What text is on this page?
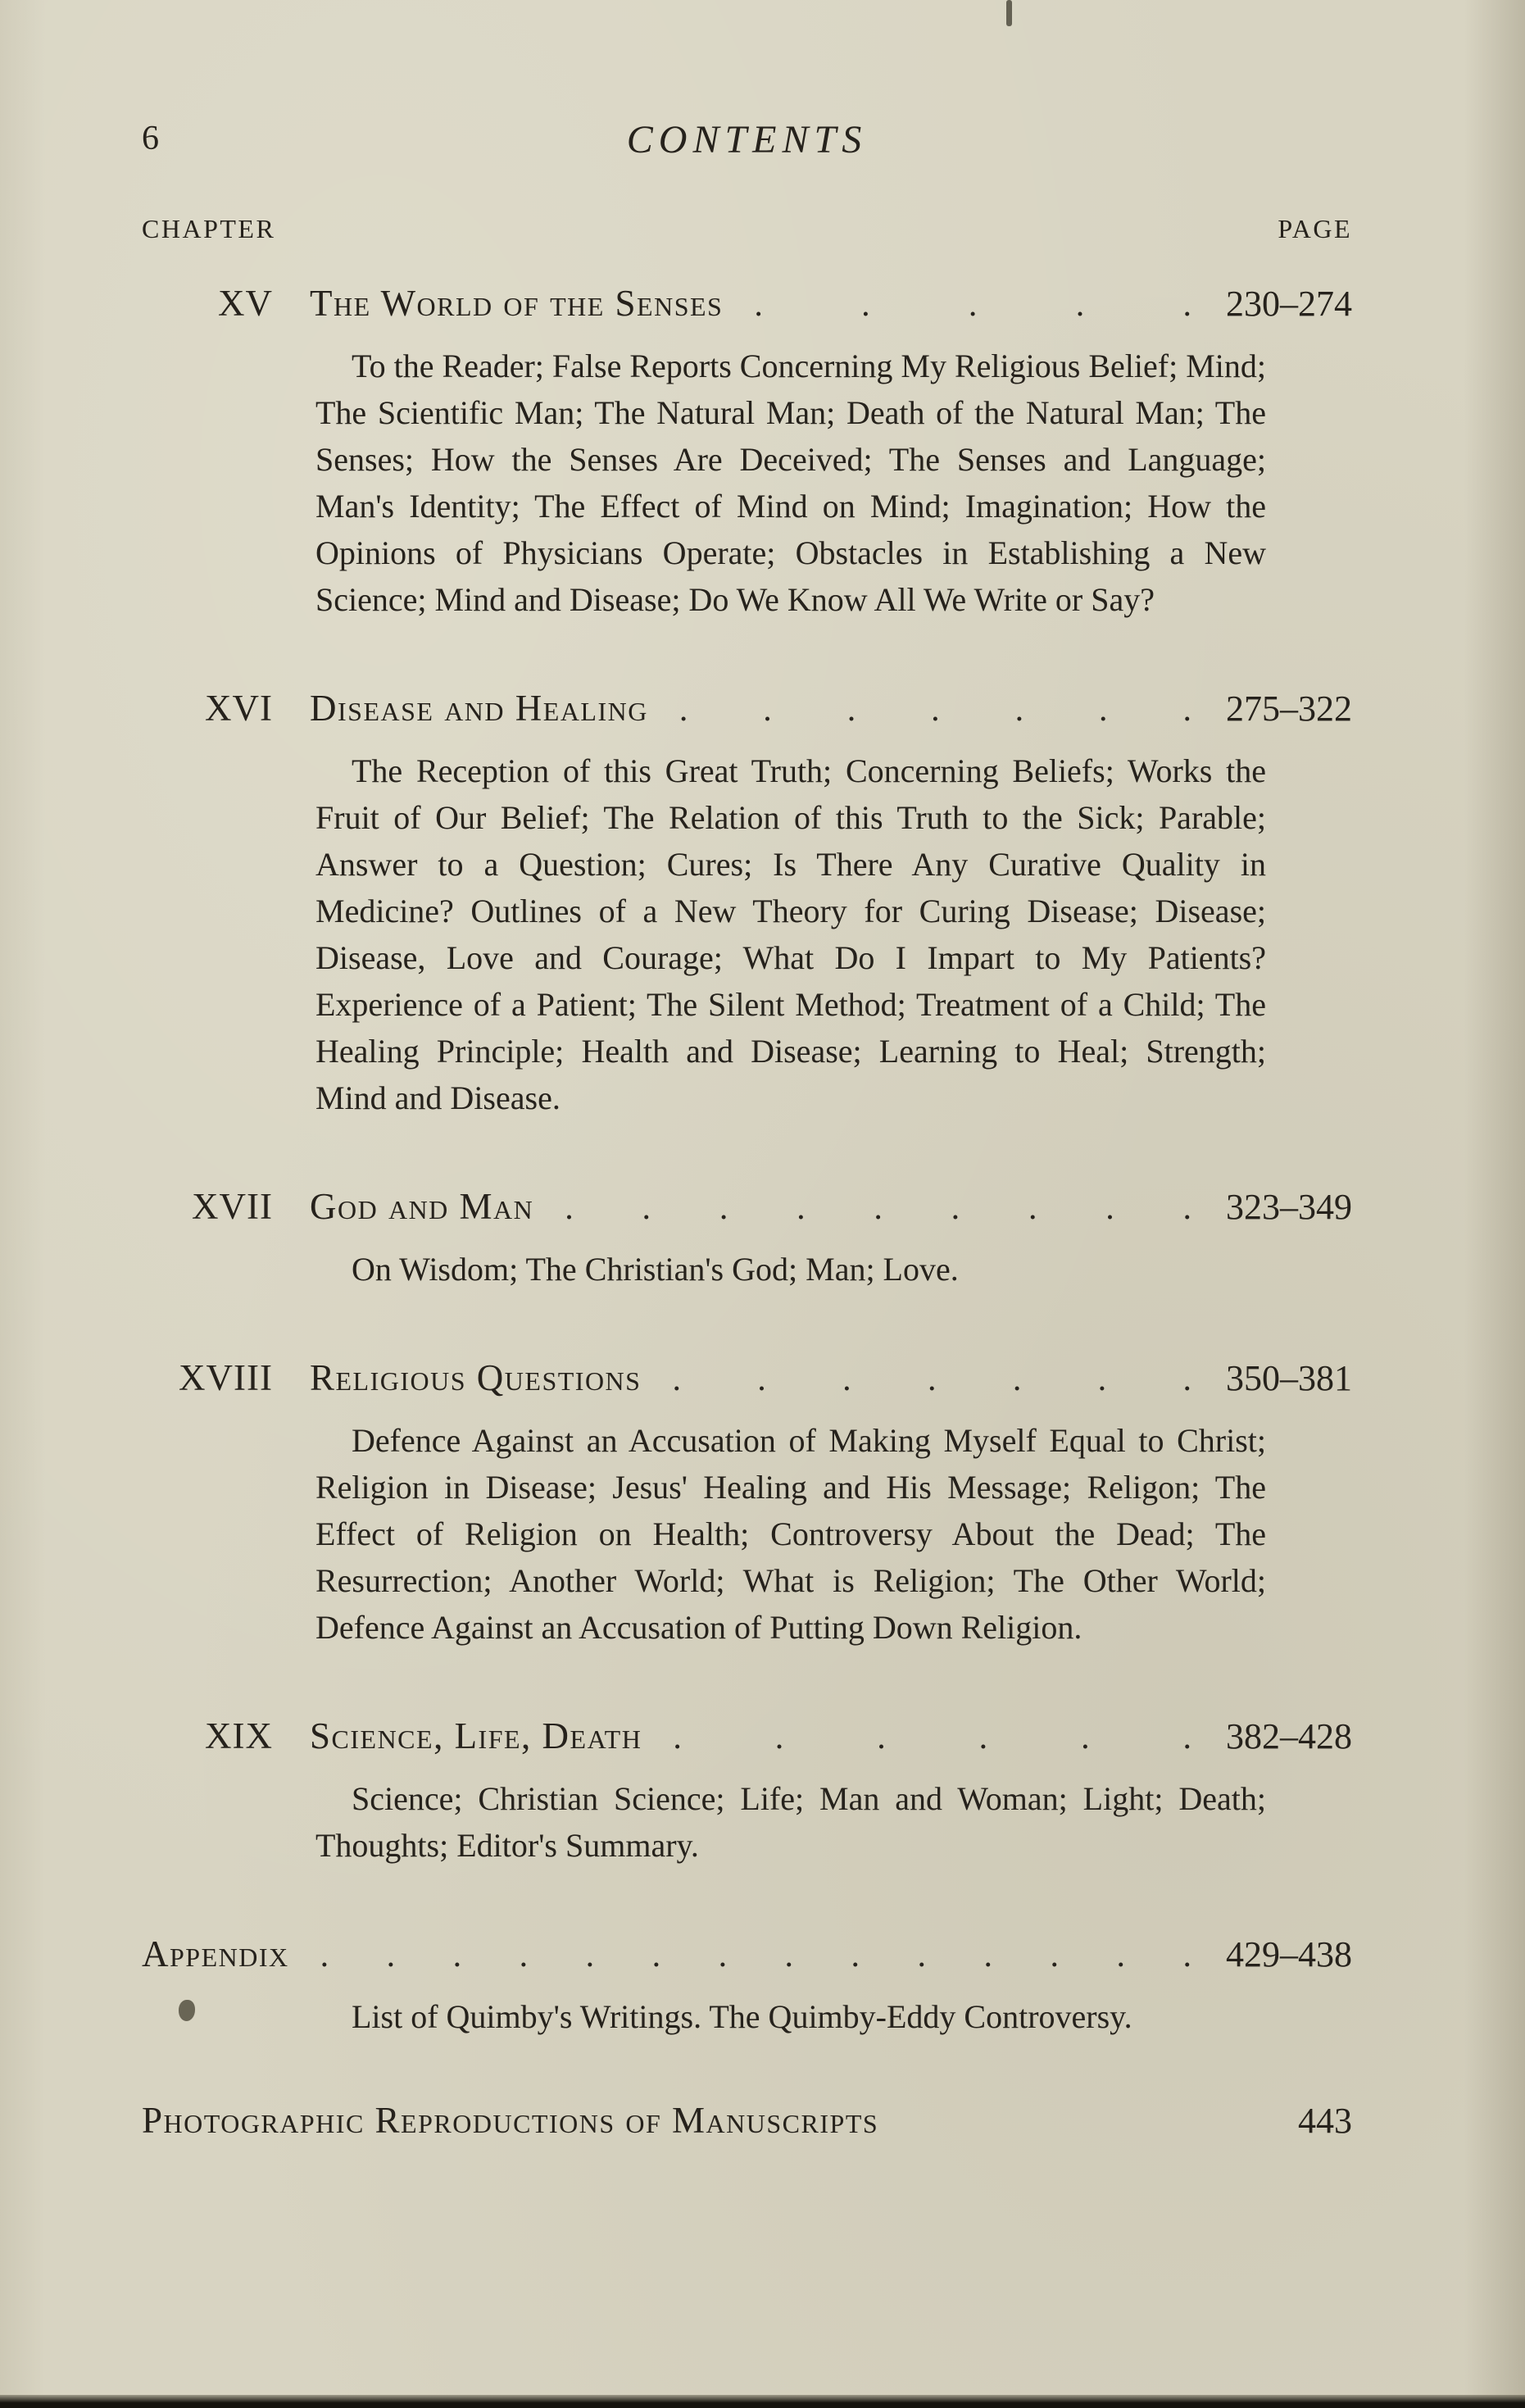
6	CONTENTS
CHAPTER	PAGE
XV The World of the Senses . . . . . 230–274

To the Reader; False Reports Concerning My Religious Belief; Mind; The Scientific Man; The Natural Man; Death of the Natural Man; The Senses; How the Senses Are Deceived; The Senses and Language; Man's Identity; The Effect of Mind on Mind; Imagination; How the Opinions of Physicians Operate; Obstacles in Establishing a New Science; Mind and Disease; Do We Know All We Write or Say?

XVI Disease and Healing . . . . . . . 275–322

The Reception of this Great Truth; Concerning Beliefs; Works the Fruit of Our Belief; The Relation of this Truth to the Sick; Parable; Answer to a Question; Cures; Is There Any Curative Quality in Medicine? Outlines of a New Theory for Curing Disease; Disease; Disease, Love and Courage; What Do I Impart to My Patients? Experience of a Patient; The Silent Method; Treatment of a Child; The Healing Principle; Health and Disease; Learning to Heal; Strength; Mind and Disease.

XVII God and Man . . . . . . . . . 323–349

On Wisdom; The Christian's God; Man; Love.

XVIII Religious Questions . . . . . . . 350–381

Defence Against an Accusation of Making Myself Equal to Christ; Religion in Disease; Jesus' Healing and His Message; Religon; The Effect of Religion on Health; Controversy About the Dead; The Resurrection; Another World; What is Religion; The Other World; Defence Against an Accusation of Putting Down Religion.

XIX Science, Life, Death . . . . . . 382–428

Science; Christian Science; Life; Man and Woman; Light; Death; Thoughts; Editor's Summary.

Appendix . . . . . . . . . . . . . . 429–438

List of Quimby's Writings. The Quimby-Eddy Controversy.

Photographic Reproductions of Manuscripts	443
